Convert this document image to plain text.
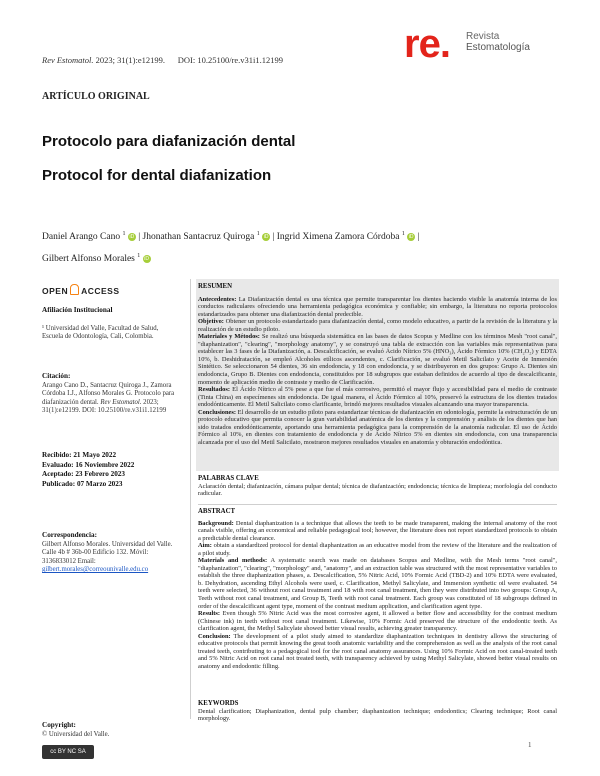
re. Revista
Estomatología
Rev Estomatol. 2023; 31(1):e12199.      DOI: 10.25100/re.v31i1.12199
ARTÍCULO ORIGINAL
Protocolo para diafanización dental
Protocol for dental diafanization
Daniel Arango Cano $^1$ iD | Jhonathan Santacruz Quiroga $^1$ iD | Ingrid Ximena Zamora Córdoba $^1$ iD |
Gilbert Alfonso Morales $^1$ iD
OPEN ACCESS
Afiliación Institucional
¹ Universidad del Valle, Facultad de Salud, Escuela de Odontología, Cali, Colombia.
Citación:
Arango Cano D., Santacruz Quiroga J., Zamora Córdoba I.J., Alfonso Morales G. Protocolo para diafanización dental. Rev Estomatol. 2023; 31(1):e12199. DOI: 10.25100/re.v31i1.12199
Recibido: 21 Mayo 2022
Evaluado: 16 Noviembre 2022
Aceptado: 23 Febrero 2023
Publicado: 07 Marzo 2023
Correspondencia:
Gilbert Alfonso Morales. Universidad del Valle. Calle 4b # 36b-00 Edificio 132. Móvil: 3136833012 Email:
gilbert.morales@correounivalle.edu.co
Copyright:
© Universidad del Valle.
cc BY NC SA
RESUMEN
Antecedentes: La Diafanización dental es una técnica que permite transparentar los dientes haciendo visible la anatomía interna de los conductos radiculares ofreciendo una herramienta pedagógica económica y confiable; sin embargo, la literatura no reporta protocolos estandarizados para obtener una diafanización dental predecible.
Objetivo: Obtener un protocolo estandarizado para diafanización dental, como modelo educativo, a partir de la revisión de la literatura y la realización de un estudio piloto.
Materiales y Métodos: Se realizó una búsqueda sistemática en las bases de datos Scopus y Medline con los términos Mesh "root canal", "diaphanization", "clearing", "morphology anatomy", y se construyó una tabla de extracción con las variables más representativas para establecer las 3 fases de la Diafanización, a. Descalcificación, se evaluó Ácido Nítrico 5% (HNO₃), Ácido Fórmico 10% (CH₂O₂) y EDTA 10%, b. Deshidratación, se empleó Alcoholes etílicos ascendentes, c. Clarificación, se evaluó Metil Salicilato y Aceite de Inmersión Sintético. Se seleccionaron 54 dientes, 36 sin endodoncia, y 18 con endodoncia, y se distribuyeron en dos grupos: Grupo A. Dientes sin endodoncia, Grupo B. Dientes con endodoncia, constituidos por 18 subgrupos que estaban definidos de acuerdo al tipo de descalcificante, momento de aplicación medio de contraste y medio de Clarificación.
Resultados: El Ácido Nítrico al 5% pese a que fue el más corrosivo, permitió el mayor flujo y accesibilidad para el medio de contraste (Tinta China) en especímenes sin endodoncia. De igual manera, el Ácido Fórmico al 10%, preservó la estructura de los dientes tratados endodónticamente. El Metil Salicilato como clarificante, brindó mejores resultados visuales alcanzando una mayor transparencia.
Conclusiones: El desarrollo de un estudio piloto para estandarizar técnicas de diafanización en odontología, permite la estructuración de un protocolo educativo que permita conocer la gran variabilidad anatómica de los dientes y la comprensión y análisis de los dientes que han sido tratados endodónticamente, aportando una herramienta pedagógica para la comprensión de la anatomía radicular. El uso de Ácido Fórmico al 10%, en dientes con tratamiento de endodoncia y de Ácido Nítrico 5% en dientes sin endodoncia, con una transparencia alcanzada por el uso del Metil Salicilato, mostraron mejores resultados visuales en anatomía y obturación endodóntica.
PALABRAS CLAVE
Aclaración dental; diafanización, cámara pulpar dental; técnica de diafanización; endodoncia; técnica de limpieza; morfología del conducto radicular.
ABSTRACT
Background: Dental diaphanization is a technique that allows the teeth to be made transparent, making the internal anatomy of the root canals visible, offering an economical and reliable pedagogical tool; however, the literature does not report standardized protocols to obtain a predictable dental clearance.
Aim: obtain a standardized protocol for dental diaphanization as an educative model from the review of the literature and the realization of a pilot study.
Materials and methods: A systematic search was made on databases Scopus and Medline, with the Mesh terms "root canal", "diaphanization", "clearing", "morphology" and, "anatomy", and an extraction table was structured with the most representative variables to establish the three diaphanization phases, a. Descalcification, 5% Nitric Acid, 10% Formic Acid (TBD-2) and 10% EDTA were evaluated, b. Dehydration, ascending Ethyl Alcohols were used, c. Clarification, Methyl Salicylate, and Immersion synthetic oil were evaluated. 54 teeth were selected, 36 without root canal treatment and 18 with root canal treatment, then they were distributed into two groups: Group A, Teeth without root canal treatment, and Group B, Teeth with root canal treatment. Each group was constituted of 18 subgroups defined in order of the descalcificant agent type, moment of the contrast medium application, and clarification agent type.
Results: Even though 5% Nitric Acid was the most corrosive agent, it allowed a better flow and accessibility for the contrast medium (Chinese ink) in teeth without root canal treatment. Likewise, 10% Formic Acid preserved the structure of the endodontic teeth. As clarification agent, the Methyl Salicylate showed better visual results, achieving greater transparency.
Conclusion: The development of a pilot study aimed to standardize diaphanization techniques in dentistry allows the structuring of educative protocols that permit knowing the great tooth anatomic variability and the comprehension as well as the analysis of the root canal treated teeth, contributing to a pedagogical tool for the root canal anatomy assurances. Using 10% Formic Acid on root canal-treated teeth and 5% Nitric Acid on root canal not treated teeth, with transparency achieved by using Methyl Salicylate, showed better visual results on anatomy and endodontic filling.
KEYWORDS
Dental clarification; Diaphanization, dental pulp chamber; diaphanization technique; endodontics; Clearing technique; Root canal morphology.
1
